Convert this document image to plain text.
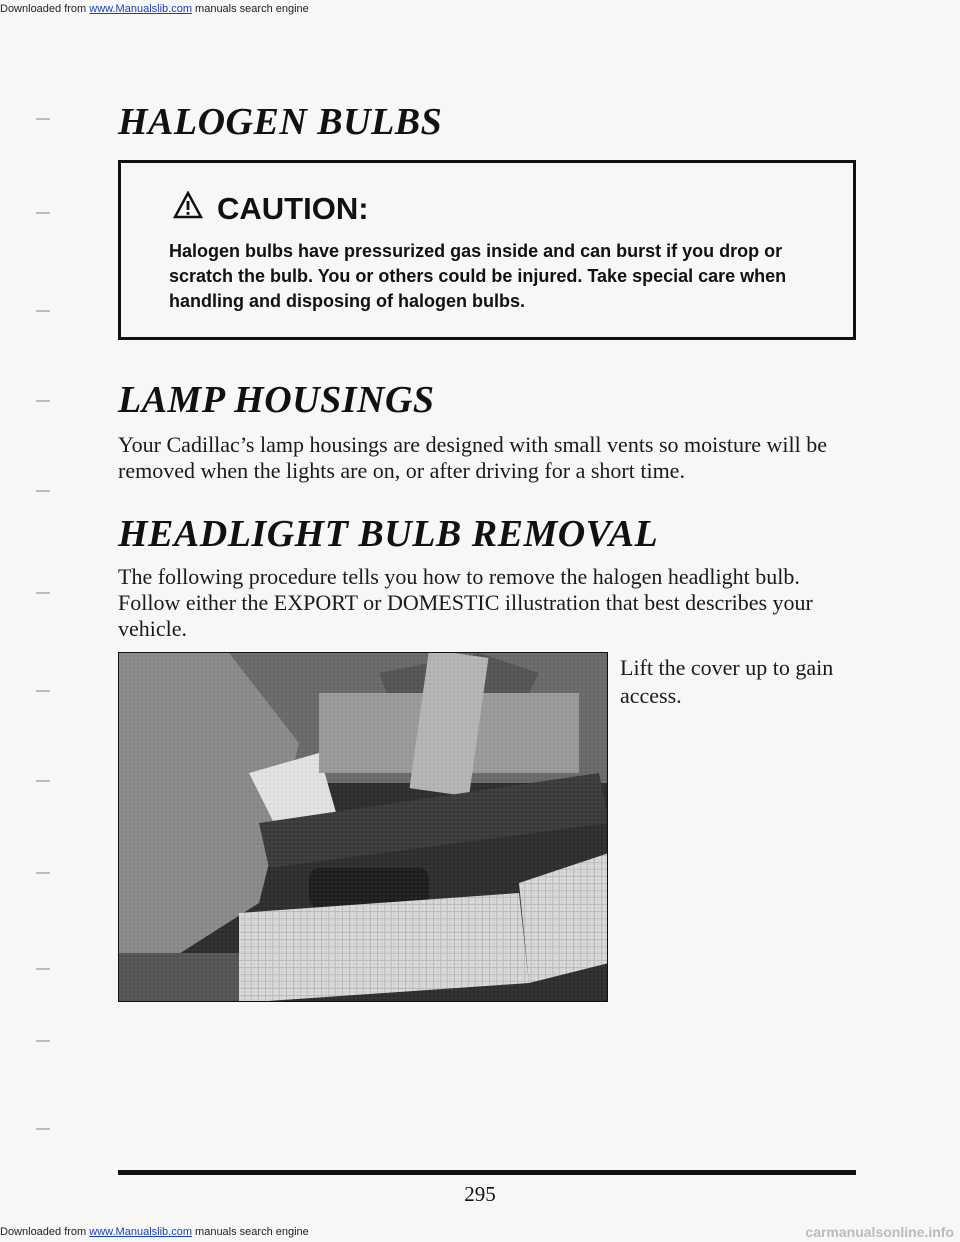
Downloaded from www.Manualslib.com manuals search engine
HALOGEN BULBS
CAUTION:

Halogen bulbs have pressurized gas inside and can burst if you drop or scratch the bulb. You or others could be injured. Take special care when handling and disposing of halogen bulbs.

LAMP HOUSINGS

Your Cadillac’s lamp housings are designed with small vents so moisture will be removed when the lights are on, or after driving for a short time.

HEADLIGHT BULB REMOVAL

The following procedure tells you how to remove the halogen headlight bulb. Follow either the EXPORT or DOMESTIC illustration that best describes your vehicle.

Lift the cover up to gain access.

295
Downloaded from www.Manualslib.com manuals search engine	carmanualsonline.info
